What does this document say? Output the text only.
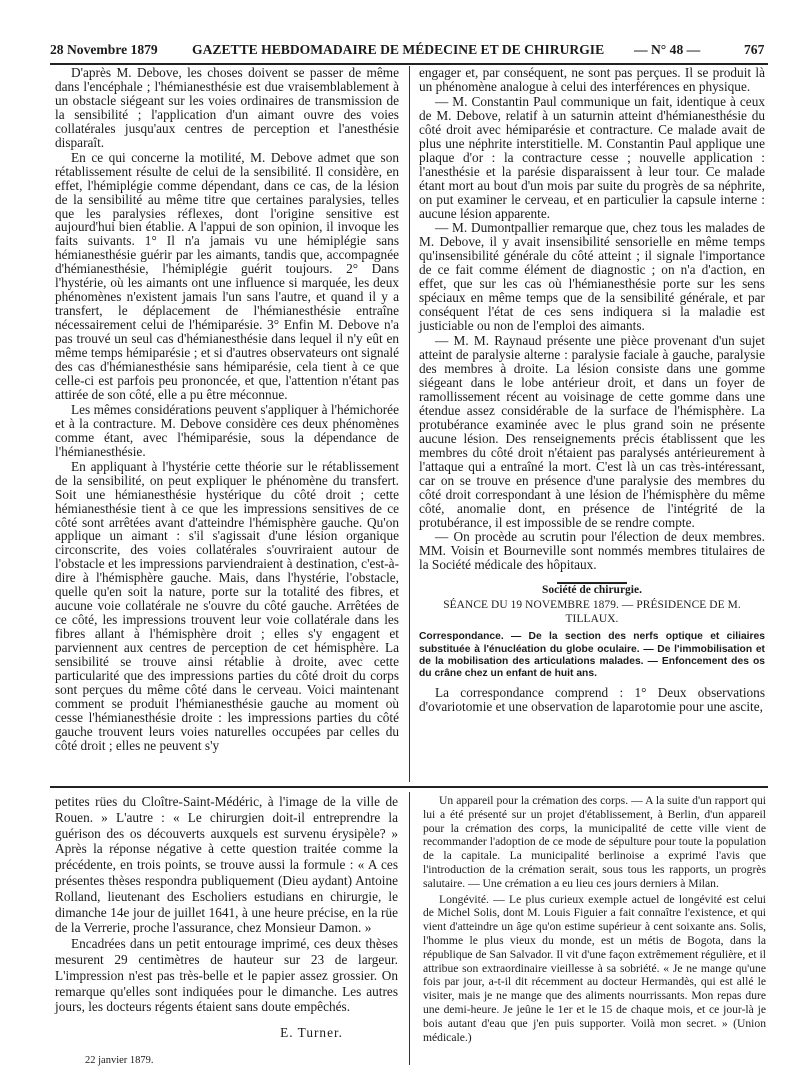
28 Novembre 1879	GAZETTE HEBDOMADAIRE DE MÉDECINE ET DE CHIRURGIE — N° 48 —	767

D'après M. Debove, les choses doivent se passer de même dans l'encéphale ; l'hémianesthésie est due vraisemblablement à un obstacle siégeant sur les voies ordinaires de transmission de la sensibilité ; l'application d'un aimant ouvre des voies collatérales jusqu'aux centres de perception et l'anesthésie disparaît.

En ce qui concerne la motilité, M. Debove admet que son rétablissement résulte de celui de la sensibilité. Il considère, en effet, l'hémiplégie comme dépendant, dans ce cas, de la lésion de la sensibilité au même titre que certaines paralysies, telles que les paralysies réflexes, dont l'origine sensitive est aujourd'hui bien établie. A l'appui de son opinion, il invoque les faits suivants. 1° Il n'a jamais vu une hémiplégie sans hémianesthésie guérir par les aimants, tandis que, accompagnée d'hémianesthésie, l'hémiplégie guérit toujours. 2° Dans l'hystérie, où les aimants ont une influence si marquée, les deux phénomènes n'existent jamais l'un sans l'autre, et quand il y a transfert, le déplacement de l'hémianesthésie entraîne nécessairement celui de l'hémiparésie. 3° Enfin M. Debove n'a pas trouvé un seul cas d'hémianesthésie dans lequel il n'y eût en même temps hémiparésie ; et si d'autres observateurs ont signalé des cas d'hémianesthésie sans hémiparésie, cela tient à ce que celle-ci est parfois peu prononcée, et que, l'attention n'étant pas attirée de son côté, elle a pu être méconnue.

Les mêmes considérations peuvent s'appliquer à l'hémichorée et à la contracture. M. Debove considère ces deux phénomènes comme étant, avec l'hémiparésie, sous la dépendance de l'hémianesthésie.

En appliquant à l'hystérie cette théorie sur le rétablissement de la sensibilité, on peut expliquer le phénomène du transfert. Soit une hémianesthésie hystérique du côté droit ; cette hémianesthésie tient à ce que les impressions sensitives de ce côté sont arrêtées avant d'atteindre l'hémisphère gauche. Qu'on applique un aimant : s'il s'agissait d'une lésion organique circonscrite, des voies collatérales s'ouvriraient autour de l'obstacle et les impressions parviendraient à destination, c'est-à-dire à l'hémisphère gauche. Mais, dans l'hystérie, l'obstacle, quelle qu'en soit la nature, porte sur la totalité des fibres, et aucune voie collatérale ne s'ouvre du côté gauche. Arrêtées de ce côté, les impressions trouvent leur voie collatérale dans les fibres allant à l'hémisphère droit ; elles s'y engagent et parviennent aux centres de perception de cet hémisphère. La sensibilité se trouve ainsi rétablie à droite, avec cette particularité que des impressions parties du côté droit du corps sont perçues du même côté dans le cerveau. Voici maintenant comment se produit l'hémianesthésie gauche au moment où cesse l'hémianesthésie droite : les impressions parties du côté gauche trouvent leurs voies naturelles occupées par celles du côté droit ; elles ne peuvent s'y

engager et, par conséquent, ne sont pas perçues. Il se produit là un phénomène analogue à celui des interférences en physique.

— M. Constantin Paul communique un fait, identique à ceux de M. Debove, relatif à un saturnin atteint d'hémianesthésie du côté droit avec hémiparésie et contracture. Ce malade avait de plus une néphrite interstitielle. M. Constantin Paul applique une plaque d'or : la contracture cesse ; nouvelle application : l'anesthésie et la parésie disparaissent à leur tour. Ce malade étant mort au bout d'un mois par suite du progrès de sa néphrite, on put examiner le cerveau, et en particulier la capsule interne : aucune lésion apparente.

— M. Dumontpallier remarque que, chez tous les malades de M. Debove, il y avait insensibilité sensorielle en même temps qu'insensibilité générale du côté atteint ; il signale l'importance de ce fait comme élément de diagnostic ; on n'a d'action, en effet, que sur les cas où l'hémianesthésie porte sur les sens spéciaux en même temps que de la sensibilité générale, et par conséquent l'état de ces sens indiquera si la maladie est justiciable ou non de l'emploi des aimants.

— M. M. Raynaud présente une pièce provenant d'un sujet atteint de paralysie alterne : paralysie faciale à gauche, paralysie des membres à droite. La lésion consiste dans une gomme siégeant dans le lobe antérieur droit, et dans un foyer de ramollissement récent au voisinage de cette gomme dans une étendue assez considérable de la surface de l'hémisphère. La protubérance examinée avec le plus grand soin ne présente aucune lésion. Des renseignements précis établissent que les membres du côté droit n'étaient pas paralysés antérieurement à l'attaque qui a entraîné la mort. C'est là un cas très-intéressant, car on se trouve en présence d'une paralysie des membres du côté droit correspondant à une lésion de l'hémisphère du même côté, anomalie dont, en présence de l'intégrité de la protubérance, il est impossible de se rendre compte.

— On procède au scrutin pour l'élection de deux membres. MM. Voisin et Bourneville sont nommés membres titulaires de la Société médicale des hôpitaux.

Société de chirurgie.

SÉANCE DU 19 NOVEMBRE 1879. — PRÉSIDENCE DE M. TILLAUX.

Correspondance. — De la section des nerfs optique et ciliaires substituée à l'énucléation du globe oculaire. — De l'immobilisation et de la mobilisation des articulations malades. — Enfoncement des os du crâne chez un enfant de huit ans.

La correspondance comprend : 1° Deux observations d'ovariotomie et une observation de laparotomie pour une ascite,

petites rües du Cloître-Saint-Médéric, à l'image de la ville de Rouen. » L'autre : « Le chirurgien doit-il entreprendre la guérison des os découverts auxquels est survenu érysipèle? » Après la réponse négative à cette question traitée comme la précédente, en trois points, se trouve aussi la formule : « A ces présentes thèses respondra publiquement (Dieu aydant) Antoine Rolland, lieutenant des Escholiers estudians en chirurgie, le dimanche 14e jour de juillet 1641, à une heure précise, en la rüe de la Verrerie, proche l'assurance, chez Monsieur Damon. »

Encadrées dans un petit entourage imprimé, ces deux thèses mesurent 29 centimètres de hauteur sur 23 de largeur. L'impression n'est pas très-belle et le papier assez grossier. On remarque qu'elles sont indiquées pour le dimanche. Les autres jours, les docteurs régents étaient sans doute empêchés.

E. Turner.

22 janvier 1879.

Un appareil pour la crémation des corps. — A la suite d'un rapport qui lui a été présenté sur un projet d'établissement, à Berlin, d'un appareil pour la crémation des corps, la municipalité de cette ville vient de recommander l'adoption de ce mode de sépulture pour toute la population de la capitale. La municipalité berlinoise a exprimé l'avis que l'introduction de la crémation serait, sous tous les rapports, un progrès salutaire. — Une crémation a eu lieu ces jours derniers à Milan.

Longévité. — Le plus curieux exemple actuel de longévité est celui de Michel Solis, dont M. Louis Figuier a fait connaître l'existence, et qui vient d'atteindre un âge qu'on estime supérieur à cent soixante ans. Solis, l'homme le plus vieux du monde, est un métis de Bogota, dans la république de San Salvador. Il vit d'une façon extrêmement régulière, et il attribue son extraordinaire vieillesse à sa sobriété. « Je ne mange qu'une fois par jour, a-t-il dit récemment au docteur Hermandès, qui est allé le visiter, mais je ne mange que des aliments nourrissants. Mon repas dure une demi-heure. Je jeûne le 1er et le 15 de chaque mois, et ce jour-là je bois autant d'eau que j'en puis supporter. Voilà mon secret. » (Union médicale.)
